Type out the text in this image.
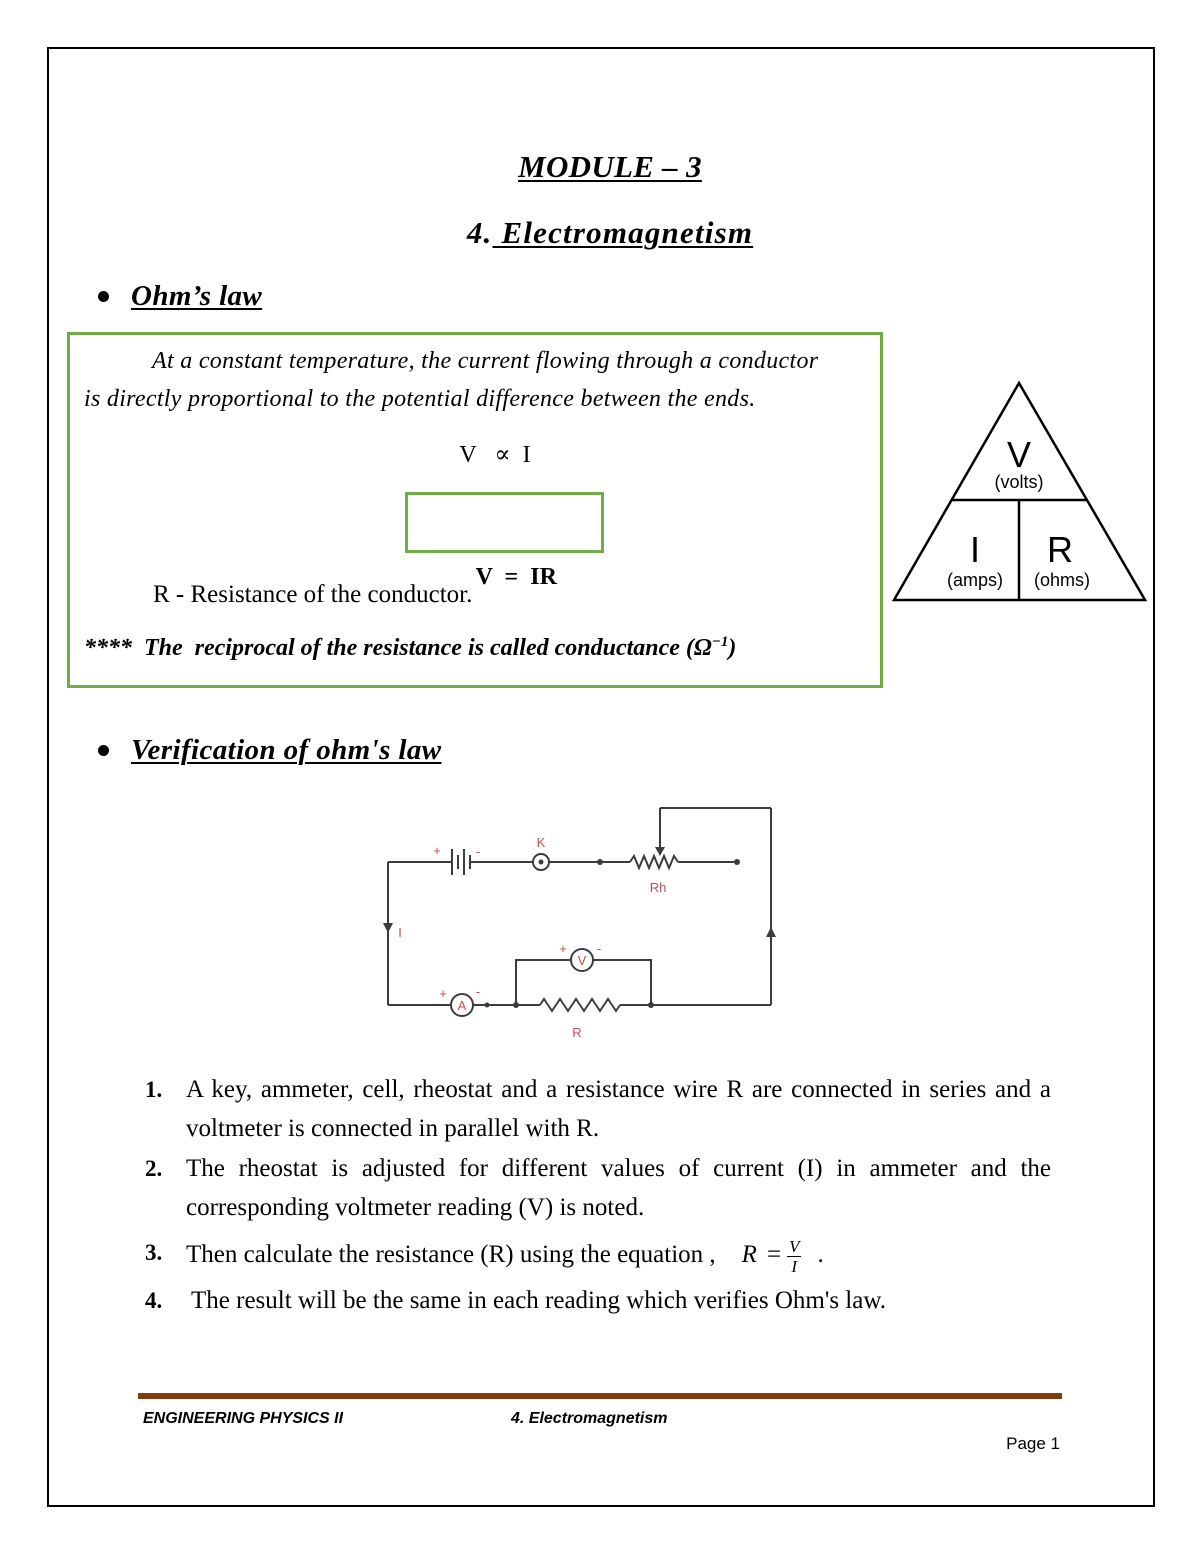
MODULE – 3
4. Electromagnetism
Ohm’s law
At a constant temperature, the current flowing through a conductor
is directly proportional to the potential difference between the ends.
V   ∝  I

V  =  IR

R - Resistance of the conductor.
**** The  reciprocal of the resistance is called conductance $(\Omega^{-1})$
V
(volts)
I
(amps)
R
(ohms)
Verification of ohm's law
+	-
K
Rh
I
+ -
A
+ -
V
R
1. A key, ammeter, cell, rheostat and a resistance wire R are connected in series and a
voltmeter is connected in parallel with R.
2. The rheostat is adjusted for different values of current (I) in ammeter and the
corresponding voltmeter reading (V) is noted.
3. Then calculate the resistance (R) using the equation , $R = \frac{V}{I}$ .
4. The result will be the same in each reading which verifies Ohm's law.
ENGINEERING PHYSICS II	4. Electromagnetism
Page 1
